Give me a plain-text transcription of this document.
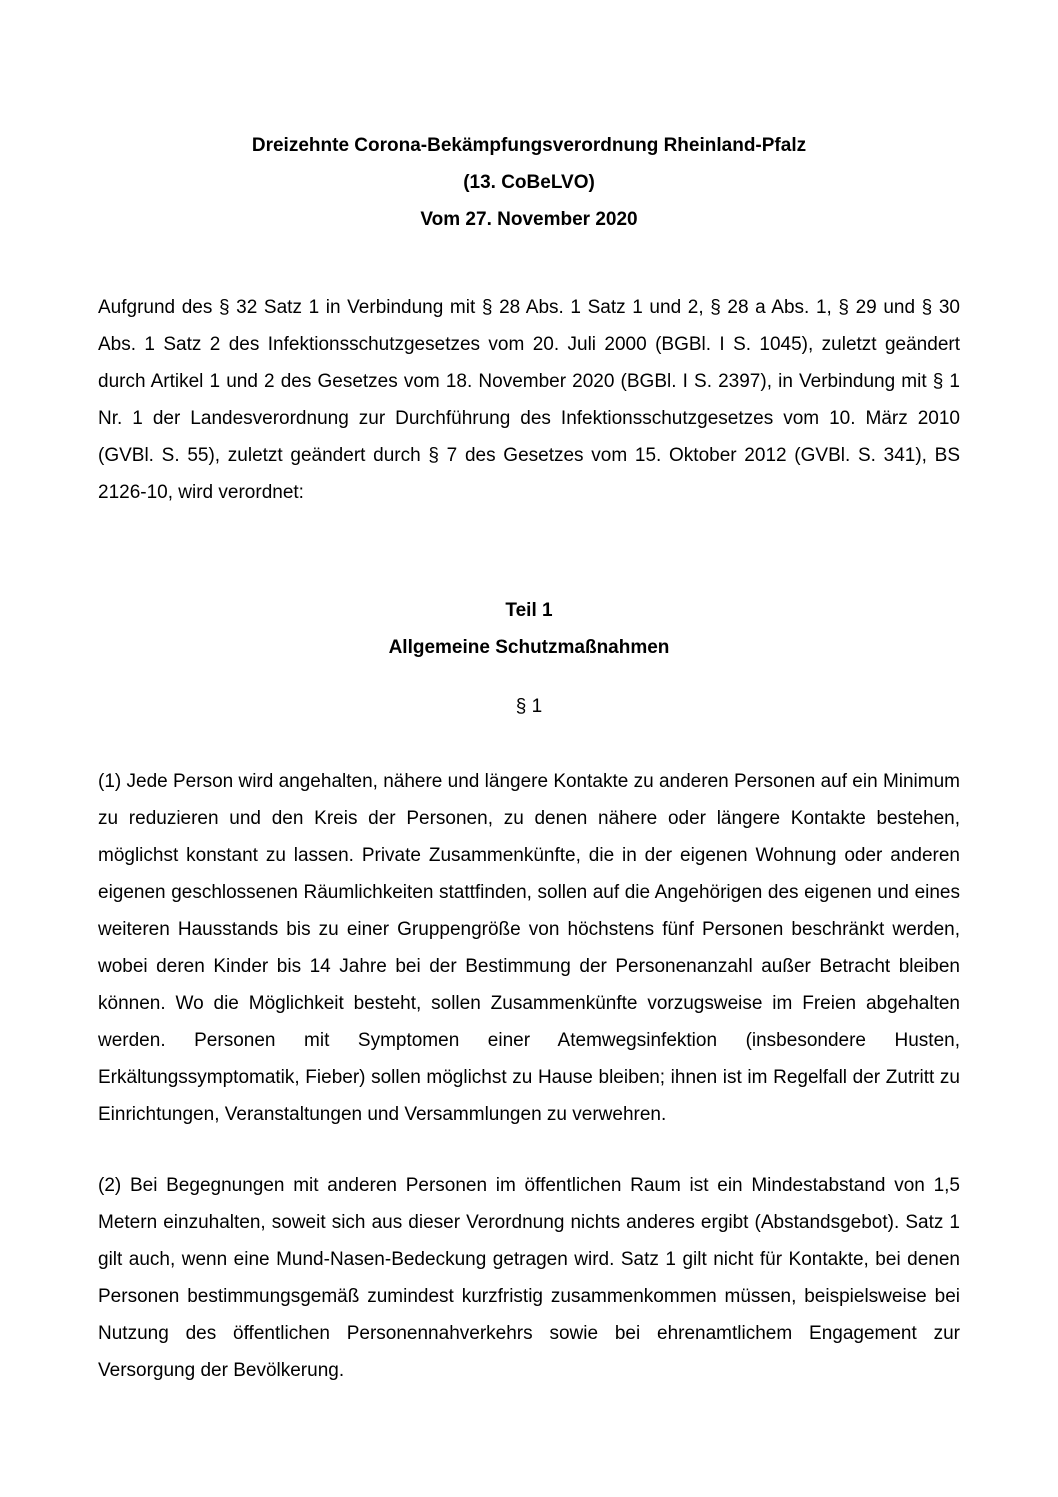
Dreizehnte Corona-Bekämpfungsverordnung Rheinland-Pfalz

(13. CoBeLVO)

Vom 27. November 2020

Aufgrund des § 32 Satz 1 in Verbindung mit § 28 Abs. 1 Satz 1 und 2, § 28 a Abs. 1, § 29 und § 30 Abs. 1 Satz 2 des Infektionsschutzgesetzes vom 20. Juli 2000 (BGBl. I S. 1045), zuletzt geändert durch Artikel 1 und 2 des Gesetzes vom 18. November 2020 (BGBl. I S. 2397), in Verbindung mit § 1 Nr. 1 der Landesverordnung zur Durchführung des Infektionsschutzgesetzes vom 10. März 2010 (GVBl. S. 55), zuletzt geändert durch § 7 des Gesetzes vom 15. Oktober 2012 (GVBl. S. 341), BS 2126-10, wird verordnet:

Teil 1

Allgemeine Schutzmaßnahmen

§ 1

(1) Jede Person wird angehalten, nähere und längere Kontakte zu anderen Personen auf ein Minimum zu reduzieren und den Kreis der Personen, zu denen nähere oder längere Kontakte bestehen, möglichst konstant zu lassen. Private Zusammenkünfte, die in der eigenen Wohnung oder anderen eigenen geschlossenen Räumlichkeiten stattfinden, sollen auf die Angehörigen des eigenen und eines weiteren Hausstands bis zu einer Gruppengröße von höchstens fünf Personen beschränkt werden, wobei deren Kinder bis 14 Jahre bei der Bestimmung der Personenanzahl außer Betracht bleiben können. Wo die Möglichkeit besteht, sollen Zusammenkünfte vorzugsweise im Freien abgehalten werden. Personen mit Symptomen einer Atemwegsinfektion (insbesondere Husten, Erkältungssymptomatik, Fieber) sollen möglichst zu Hause bleiben; ihnen ist im Regelfall der Zutritt zu Einrichtungen, Veranstaltungen und Versammlungen zu verwehren.

(2) Bei Begegnungen mit anderen Personen im öffentlichen Raum ist ein Mindestabstand von 1,5 Metern einzuhalten, soweit sich aus dieser Verordnung nichts anderes ergibt (Abstandsgebot). Satz 1 gilt auch, wenn eine Mund-Nasen-Bedeckung getragen wird. Satz 1 gilt nicht für Kontakte, bei denen Personen bestimmungsgemäß zumindest kurzfristig zusammenkommen müssen, beispielsweise bei Nutzung des öffentlichen Personennahverkehrs sowie bei ehrenamtlichem Engagement zur Versorgung der Bevölkerung.
